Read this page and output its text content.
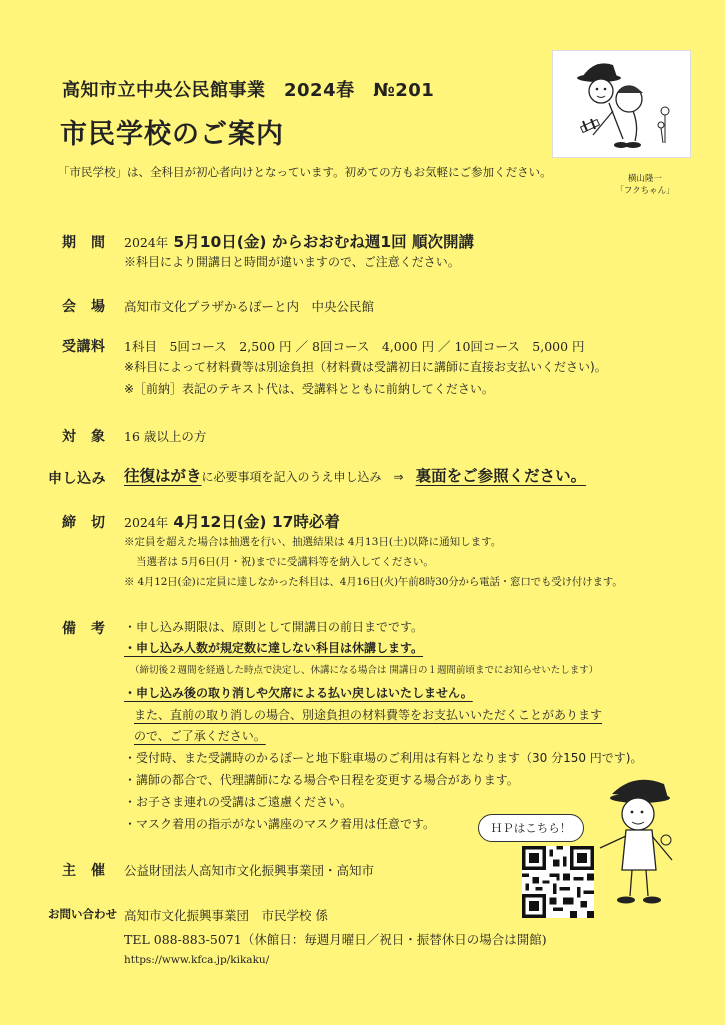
高知市立中央公民館事業　2024春　№201
市民学校のご案内
「市民学校」は、全科目が初心者向けとなっています。初めての方もお気軽にご参加ください。	横山隆一
「フクちゃん」
期　間 2024年 5月10日(金) からおおむね週1回 順次開講
※科目により開講日と時間が違いますので、ご注意ください。
会　場 高知市文化プラザかるぽーと内　中央公民館
受講料 1科目　5回コース　2,500 円 ／ 8回コース　4,000 円 ／ 10回コース　5,000 円
※科目によって材料費等は別途負担（材料費は受講初日に講師に直接お支払いください)。
※［前納］表記のテキスト代は、受講料とともに前納してください。
対　象 16 歳以上の方
申し込み 往復はがきに必要事項を記入のうえ申し込み　⇒　裏面をご参照ください。
締　切 2024年 4月12日(金) 17時必着
※定員を超えた場合は抽選を行い、抽選結果は 4月13日(土)以降に通知します。
当選者は 5月6日(月・祝)までに受講料等を納入してください。
※ 4月12日(金)に定員に達しなかった科目は、4月16日(火)午前8時30分から電話・窓口でも受け付けます。
備　考 ・申し込み期限は、原則として開講日の前日までです。
・申し込み人数が規定数に達しない科目は休講します。
（締切後２週間を経過した時点で決定し、休講になる場合は 開講日の１週間前頃までにお知らせいたします）
・申し込み後の取り消しや欠席による払い戻しはいたしません。
また、直前の取り消しの場合、別途負担の材料費等をお支払いいただくことがあります
ので、ご了承ください。
・受付時、また受講時のかるぽーと地下駐車場のご利用は有料となります（30 分150 円です)。
・講師の都合で、代理講師になる場合や日程を変更する場合があります。
・お子さま連れの受講はご遠慮ください。
・マスク着用の指示がない講座のマスク着用は任意です。	ＨＰはこちら！
主　催 公益財団法人高知市文化振興事業団・高知市
お問い合わせ 高知市文化振興事業団　市民学校 係
TEL 088-883-5071（休館日：毎週月曜日／祝日・振替休日の場合は開館)
https://www.kfca.jp/kikaku/
